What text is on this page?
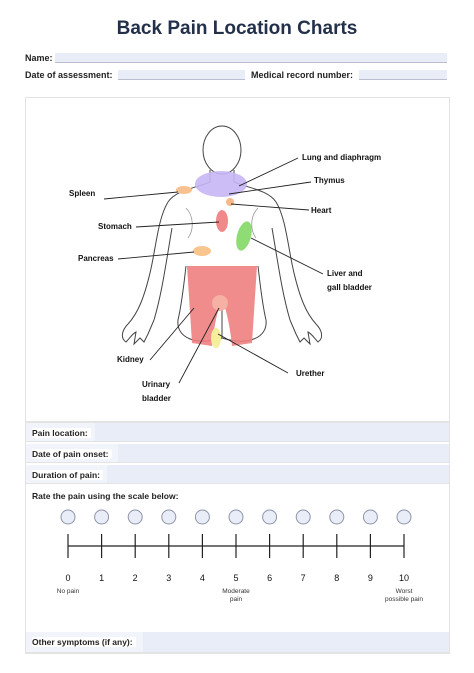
Back Pain Location Charts
Name:
Date of assessment:	Medical record number:
Lung and diaphragm
Thymus
Spleen
Heart
Stomach
Pancreas
Liver and
gall bladder
Kidney
Urinary
bladder
Urether
Pain location:
Date of pain onset:
Duration of pain:
Rate the pain using the scale below:
0	1	2	3	4	5	6	7	8	9	10
No pain	Moderate
pain
Worst
possible pain
Other symptoms (if any):
